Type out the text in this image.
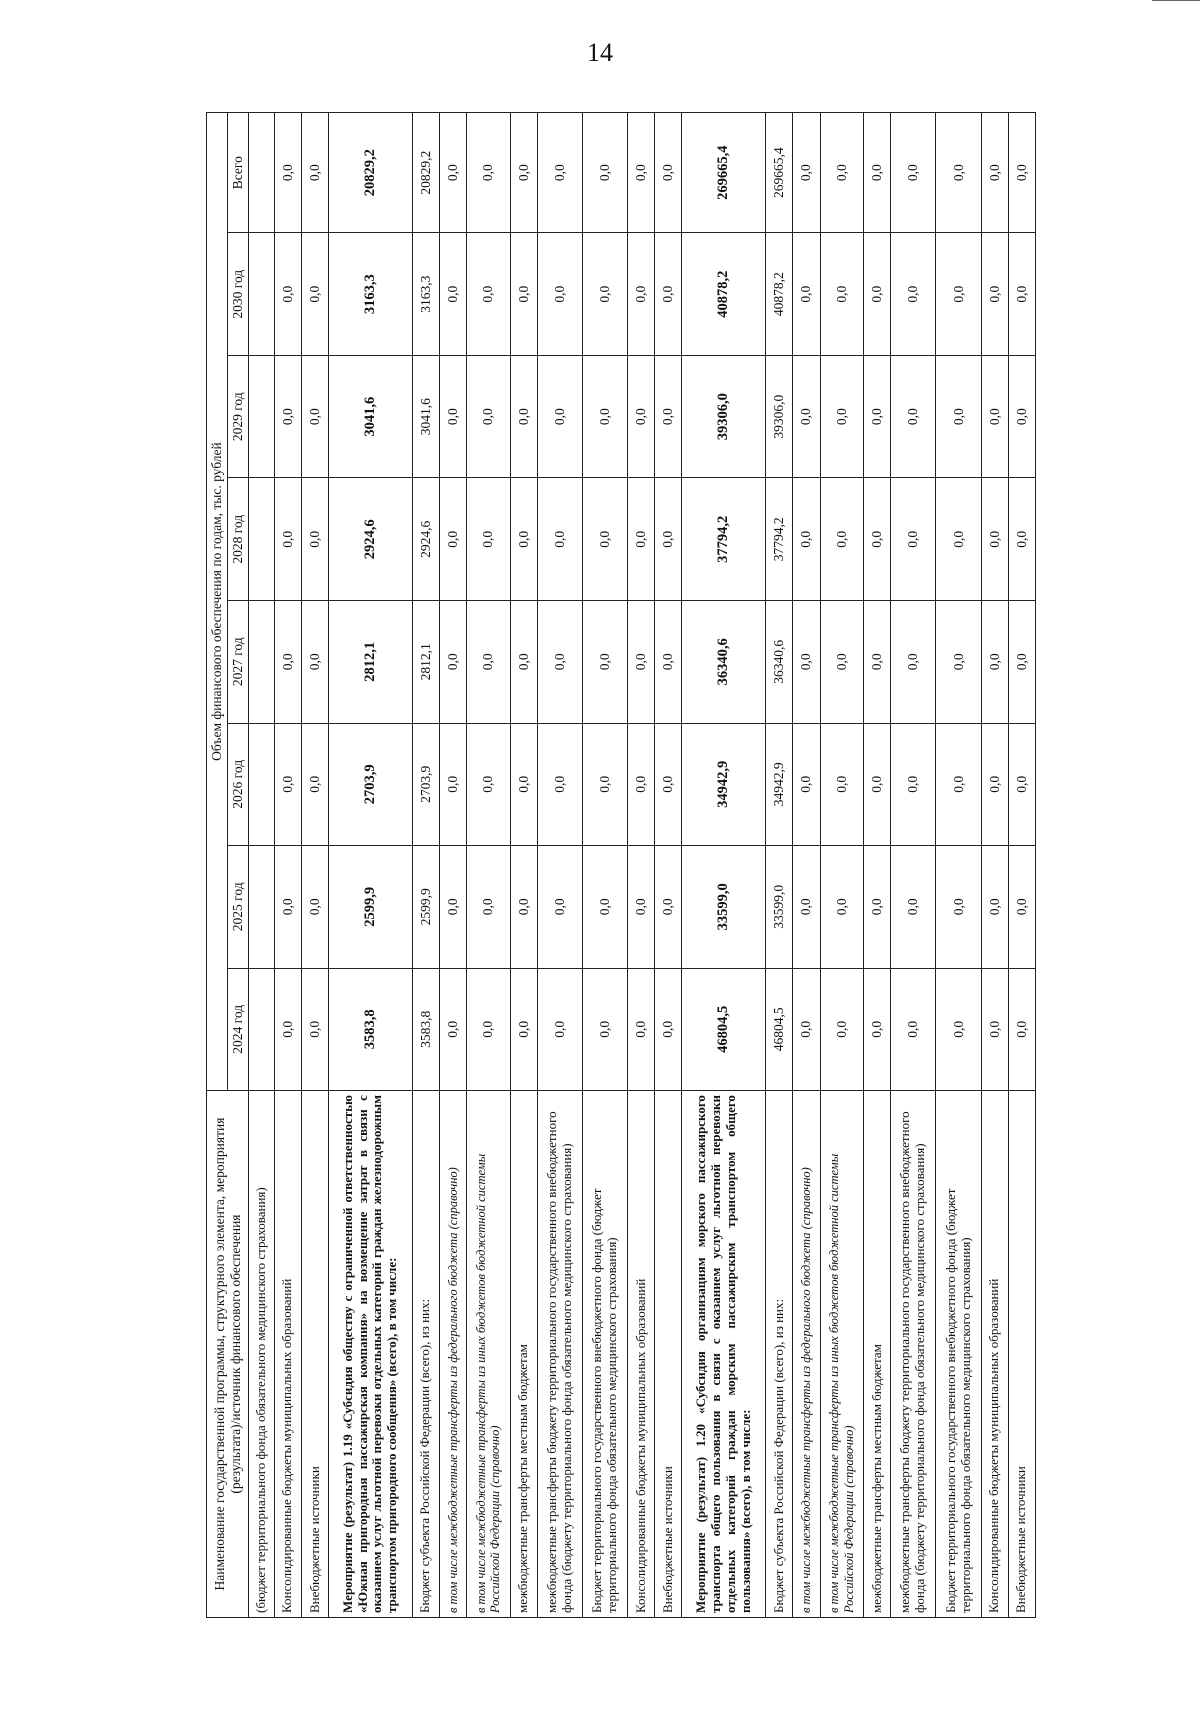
14
Наименование государственной программы, структурного элемента, мероприятия (результата)/источник финансового обеспечения	Объем финансового обеспечения по годам, тыс. рублей							
	2024 год	2025 год	2026 год	2027 год	2028 год	2029 год	2030 год	Всего
(бюджет территориального фонда обязательного медицинского страхования)								
Консолидированные бюджеты муниципальных образований	0,0	0,0	0,0	0,0	0,0	0,0	0,0	0,0
Внебюджетные источники	0,0	0,0	0,0	0,0	0,0	0,0	0,0	0,0
Мероприятие (результат) 1.19 «Субсидия обществу с ограниченной ответственностью «Южная пригородная пассажирская компания» на возмещение затрат в связи с оказанием услуг льготной перевозки отдельных категорий граждан железнодорожным транспортом пригородного сообщения» (всего), в том числе:	3583,8	2599,9	2703,9	2812,1	2924,6	3041,6	3163,3	20829,2
Бюджет субъекта Российской Федерации (всего), из них:	3583,8	2599,9	2703,9	2812,1	2924,6	3041,6	3163,3	20829,2
в том числе межбюджетные трансферты из федерального бюджета (справочно)	0,0	0,0	0,0	0,0	0,0	0,0	0,0	0,0
в том числе межбюджетные трансферты из иных бюджетов бюджетной системы Российской Федерации (справочно)	0,0	0,0	0,0	0,0	0,0	0,0	0,0	0,0
межбюджетные трансферты местным бюджетам	0,0	0,0	0,0	0,0	0,0	0,0	0,0	0,0
межбюджетные трансферты бюджету территориального государственного внебюджетного фонда (бюджету территориального фонда обязательного медицинского страхования)	0,0	0,0	0,0	0,0	0,0	0,0	0,0	0,0
Бюджет территориального государственного внебюджетного фонда (бюджет территориального фонда обязательного медицинского страхования)	0,0	0,0	0,0	0,0	0,0	0,0	0,0	0,0
Консолидированные бюджеты муниципальных образований	0,0	0,0	0,0	0,0	0,0	0,0	0,0	0,0
Внебюджетные источники	0,0	0,0	0,0	0,0	0,0	0,0	0,0	0,0
Мероприятие (результат) 1.20 «Субсидия организациям морского пассажирского транспорта общего пользования в связи с оказанием услуг льготной перевозки отдельных категорий граждан морским пассажирским транспортом общего пользования» (всего), в том числе:	46804,5	33599,0	34942,9	36340,6	37794,2	39306,0	40878,2	269665,4
Бюджет субъекта Российской Федерации (всего), из них:	46804,5	33599,0	34942,9	36340,6	37794,2	39306,0	40878,2	269665,4
в том числе межбюджетные трансферты из федерального бюджета (справочно)	0,0	0,0	0,0	0,0	0,0	0,0	0,0	0,0
в том числе межбюджетные трансферты из иных бюджетов бюджетной системы Российской Федерации (справочно)	0,0	0,0	0,0	0,0	0,0	0,0	0,0	0,0
межбюджетные трансферты местным бюджетам	0,0	0,0	0,0	0,0	0,0	0,0	0,0	0,0
межбюджетные трансферты бюджету территориального государственного внебюджетного фонда (бюджету территориального фонда обязательного медицинского страхования)	0,0	0,0	0,0	0,0	0,0	0,0	0,0	0,0
Бюджет территориального государственного внебюджетного фонда (бюджет территориального фонда обязательного медицинского страхования)	0,0	0,0	0,0	0,0	0,0	0,0	0,0	0,0
Консолидированные бюджеты муниципальных образований	0,0	0,0	0,0	0,0	0,0	0,0	0,0	0,0
Внебюджетные источники	0,0	0,0	0,0	0,0	0,0	0,0	0,0	0,0
